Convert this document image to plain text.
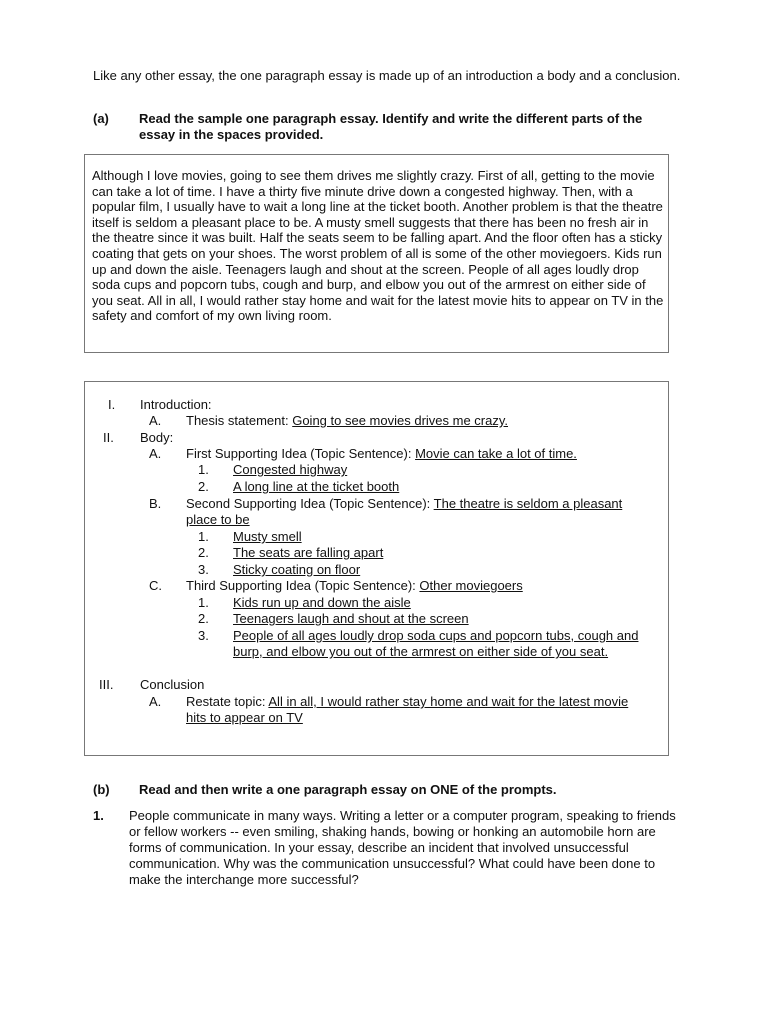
Like any other essay, the one paragraph essay is made up of an introduction a body and a conclusion.
(a) Read the sample one paragraph essay. Identify and write the different parts of the essay in the spaces provided.
Although I love movies, going to see them drives me slightly crazy. First of all, getting to the movie can take a lot of time. I have a thirty five minute drive down a congested highway. Then, with a popular film, I usually have to wait a long line at the ticket booth. Another problem is that the theatre itself is seldom a pleasant place to be. A musty smell suggests that there has been no fresh air in the theatre since it was built. Half the seats seem to be falling apart. And the floor often has a sticky coating that gets on your shoes. The worst problem of all is some of the other moviegoers. Kids run up and down the aisle. Teenagers laugh and shout at the screen. People of all ages loudly drop soda cups and popcorn tubs, cough and burp, and elbow you out of the armrest on either side of you seat. All in all, I would rather stay home and wait for the latest movie hits to appear on TV in the safety and comfort of my own living room.
I. Introduction:
A. Thesis statement: Going to see movies drives me crazy.
II. Body:
A. First Supporting Idea (Topic Sentence): Movie can take a lot of time.
1. Congested highway
2. A long line at the ticket booth
B. Second Supporting Idea (Topic Sentence): The theatre is seldom a pleasant place to be
1. Musty smell
2. The seats are falling apart
3. Sticky coating on floor
C. Third Supporting Idea (Topic Sentence): Other moviegoers
1. Kids run up and down the aisle
2. Teenagers laugh and shout at the screen
3. People of all ages loudly drop soda cups and popcorn tubs, cough and burp, and elbow you out of the armrest on either side of you seat.
III. Conclusion
A. Restate topic: All in all, I would rather stay home and wait for the latest movie hits to appear on TV
(b) Read and then write a one paragraph essay on ONE of the prompts.
1. People communicate in many ways. Writing a letter or a computer program, speaking to friends or fellow workers -- even smiling, shaking hands, bowing or honking an automobile horn are forms of communication. In your essay, describe an incident that involved unsuccessful communication. Why was the communication unsuccessful? What could have been done to make the interchange more successful?
